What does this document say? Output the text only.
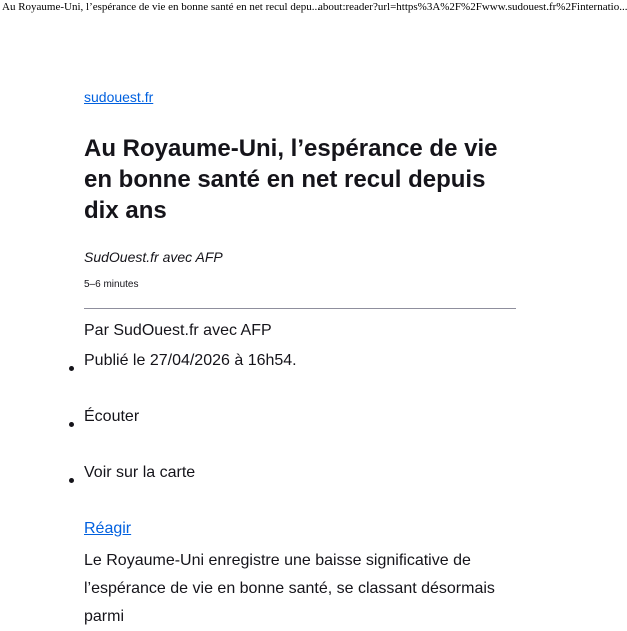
Au Royaume-Uni, l’espérance de vie en bonne santé en net recul depu...
about:reader?url=https%3A%2F%2Fwww.sudouest.fr%2Finternatio...
sudouest.fr
Au Royaume-Uni, l’espérance de vie en bonne santé en net recul depuis dix ans
SudOuest.fr avec AFP
5–6 minutes

Par SudOuest.fr avec AFP

Publié le 27/04/2026 à 16h54.

Écouter
Voir sur la carte
Réagir

Le Royaume-Uni enregistre une baisse significative de l’espérance de vie en bonne santé, se classant désormais parmi
